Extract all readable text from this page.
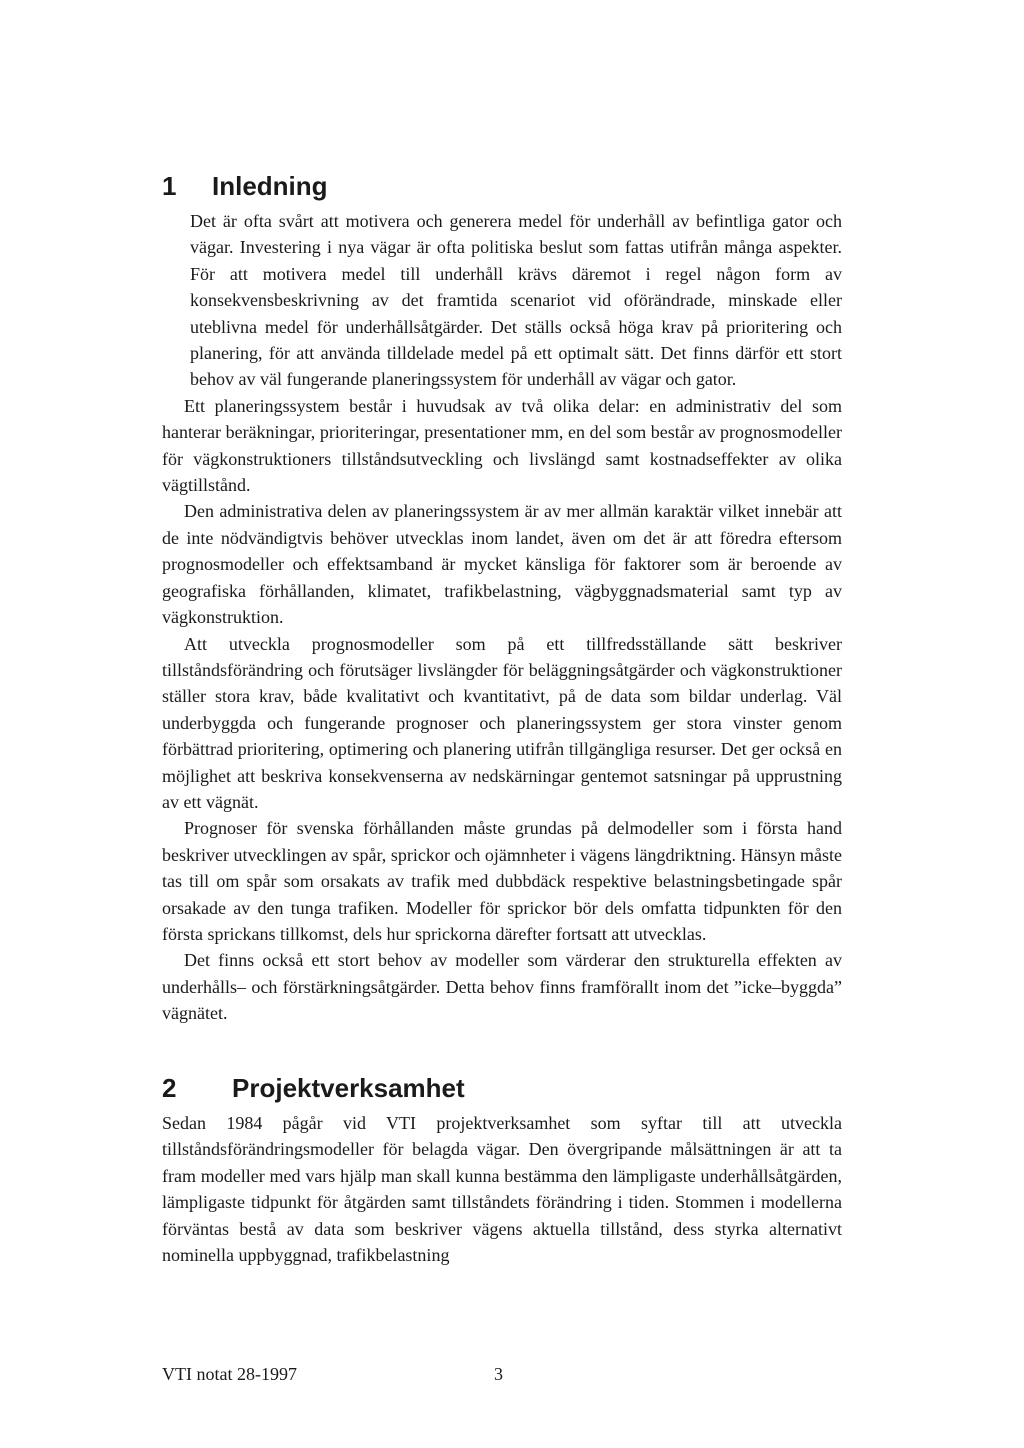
1	Inledning

Det är ofta svårt att motivera och generera medel för underhåll av befintliga gator och vägar. Investering i nya vägar är ofta politiska beslut som fattas utifrån många aspekter. För att motivera medel till underhåll krävs däremot i regel någon form av konsekvensbeskrivning av det framtida scenariot vid oförändrade, minskade eller uteblivna medel för underhållsåtgärder. Det ställs också höga krav på prioritering och planering, för att använda tilldelade medel på ett optimalt sätt. Det finns därför ett stort behov av väl fungerande planeringssystem för underhåll av vägar och gator.

Ett planeringssystem består i huvudsak av två olika delar: en administrativ del som hanterar beräkningar, prioriteringar, presentationer mm, en del som består av prognosmodeller för vägkonstruktioners tillståndsutveckling och livslängd samt kostnadseffekter av olika vägtillstånd.

Den administrativa delen av planeringssystem är av mer allmän karaktär vilket innebär att de inte nödvändigtvis behöver utvecklas inom landet, även om det är att föredra eftersom prognosmodeller och effektsamband är mycket känsliga för faktorer som är beroende av geografiska förhållanden, klimatet, trafikbelastning, vägbyggnadsmaterial samt typ av vägkonstruktion.

Att utveckla prognosmodeller som på ett tillfredsställande sätt beskriver tillståndsförändring och förutsäger livslängder för beläggningsåtgärder och vägkonstruktioner ställer stora krav, både kvalitativt och kvantitativt, på de data som bildar underlag. Väl underbyggda och fungerande prognoser och planeringssystem ger stora vinster genom förbättrad prioritering, optimering och planering utifrån tillgängliga resurser. Det ger också en möjlighet att beskriva konsekvenserna av nedskärningar gentemot satsningar på upprustning av ett vägnät.

Prognoser för svenska förhållanden måste grundas på delmodeller som i första hand beskriver utvecklingen av spår, sprickor och ojämnheter i vägens längdriktning. Hänsyn måste tas till om spår som orsakats av trafik med dubbdäck respektive belastningsbetingade spår orsakade av den tunga trafiken. Modeller för sprickor bör dels omfatta tidpunkten för den första sprickans tillkomst, dels hur sprickorna därefter fortsatt att utvecklas.

Det finns också ett stort behov av modeller som värderar den strukturella effekten av underhålls– och förstärkningsåtgärder. Detta behov finns framförallt inom det ”icke–byggda” vägnätet.

2	Projektverksamhet

Sedan 1984 pågår vid VTI projektverksamhet som syftar till att utveckla tillståndsförändringsmodeller för belagda vägar. Den övergripande målsättningen är att ta fram modeller med vars hjälp man skall kunna bestämma den lämpligaste underhållsåtgärden, lämpligaste tidpunkt för åtgärden samt tillståndets förändring i tiden. Stommen i modellerna förväntas bestå av data som beskriver vägens aktuella tillstånd, dess styrka alternativt nominella uppbyggnad, trafikbelastning

VTI notat 28-1997	3
